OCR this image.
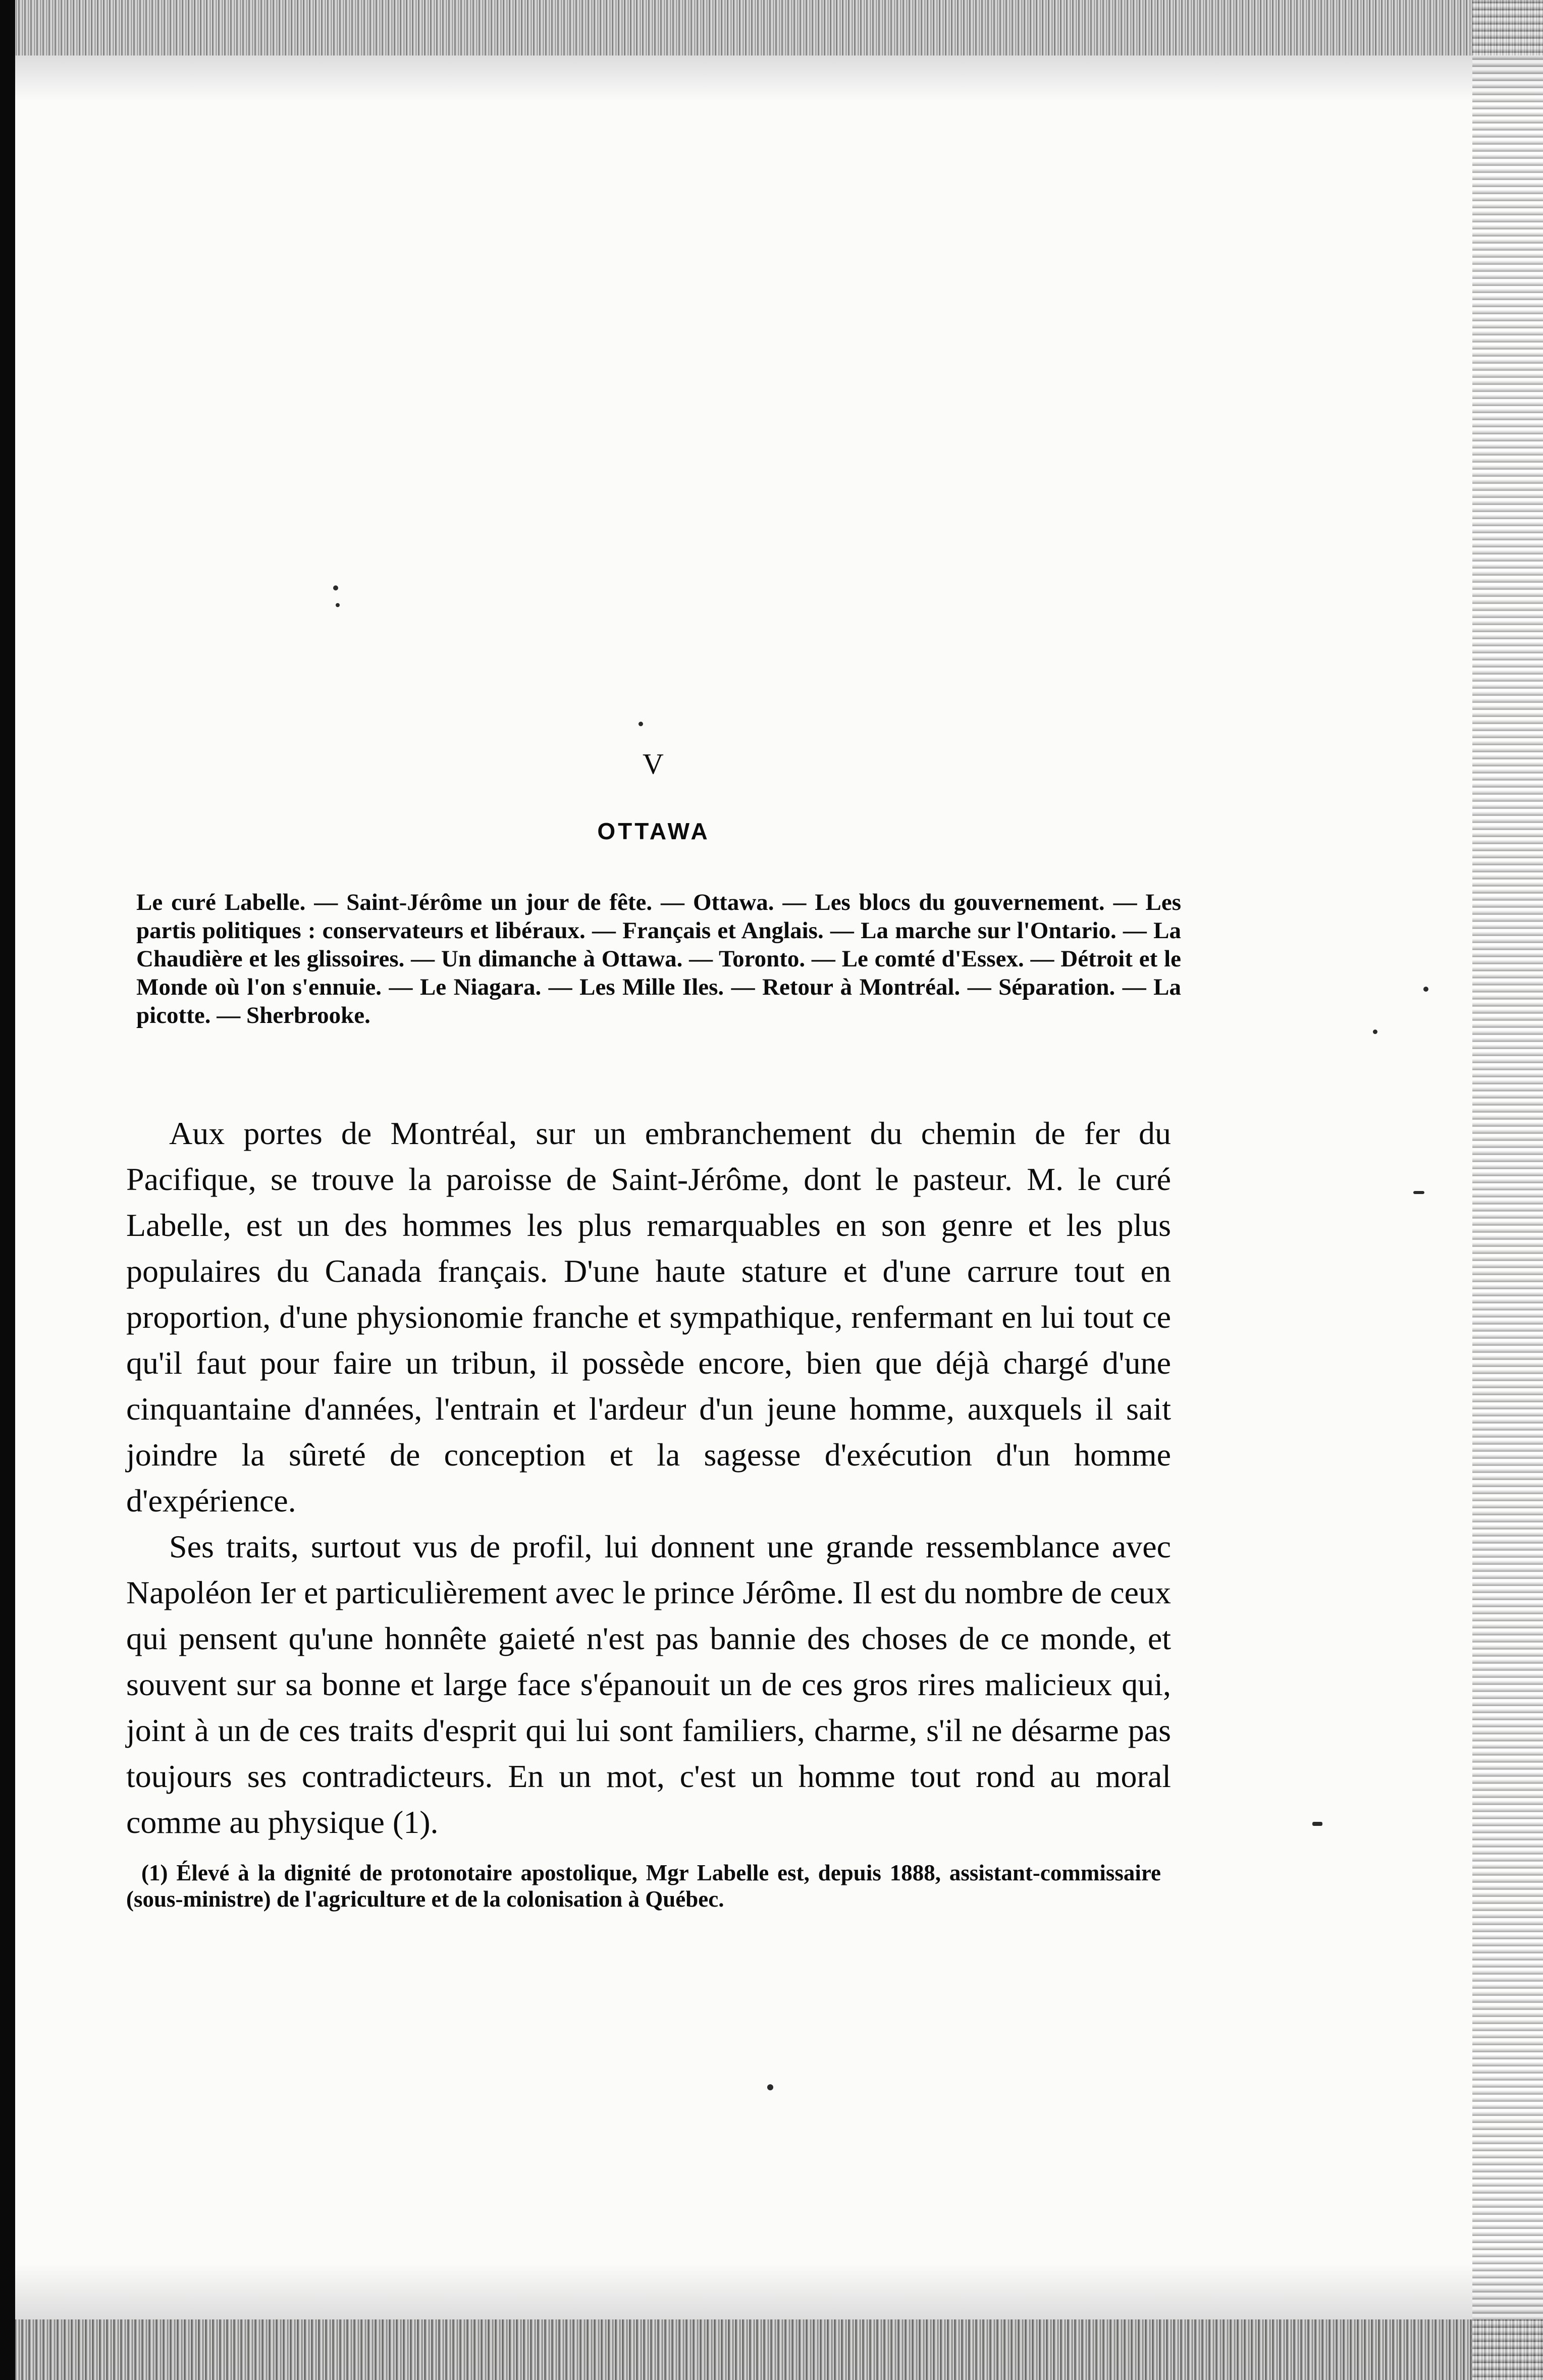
V
OTTAWA

Le curé Labelle. — Saint-Jérôme un jour de fête. — Ottawa. — Les blocs du gouvernement. — Les partis politiques : conservateurs et libéraux. — Français et Anglais. — La marche sur l'Ontario. — La Chaudière et les glissoires. — Un dimanche à Ottawa. — Toronto. — Le comté d'Essex. — Détroit et le Monde où l'on s'ennuie. — Le Niagara. — Les Mille Iles. — Retour à Montréal. — Séparation. — La picotte. — Sherbrooke.

Aux portes de Montréal, sur un embranchement du chemin de fer du Pacifique, se trouve la paroisse de Saint-Jérôme, dont le pasteur. M. le curé Labelle, est un des hommes les plus remarquables en son genre et les plus populaires du Canada français. D'une haute stature et d'une carrure tout en proportion, d'une physionomie franche et sympathique, renfermant en lui tout ce qu'il faut pour faire un tribun, il possède encore, bien que déjà chargé d'une cinquantaine d'années, l'entrain et l'ardeur d'un jeune homme, auxquels il sait joindre la sûreté de conception et la sagesse d'exécution d'un homme d'expérience.

Ses traits, surtout vus de profil, lui donnent une grande ressemblance avec Napoléon Ier et particulièrement avec le prince Jérôme. Il est du nombre de ceux qui pensent qu'une honnête gaieté n'est pas bannie des choses de ce monde, et souvent sur sa bonne et large face s'épanouit un de ces gros rires malicieux qui, joint à un de ces traits d'esprit qui lui sont familiers, charme, s'il ne désarme pas toujours ses contradicteurs. En un mot, c'est un homme tout rond au moral comme au physique (1).

(1) Élevé à la dignité de protonotaire apostolique, Mgr Labelle est, depuis 1888, assistant-commissaire (sous-ministre) de l'agriculture et de la colonisation à Québec.
